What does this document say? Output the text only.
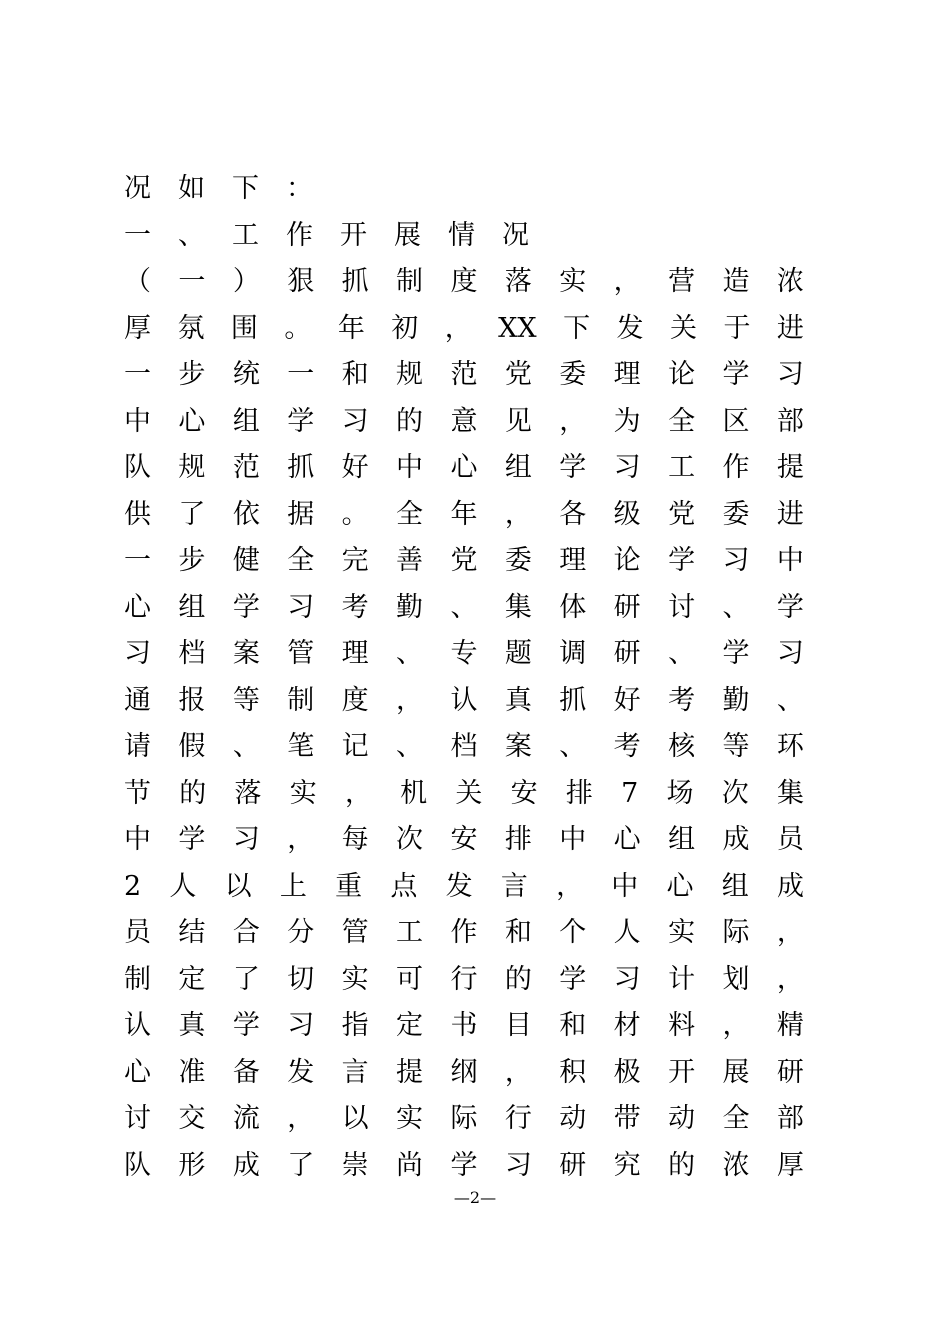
况 如 下 ：
一 、 工 作 开 展 情 况
（ 一 ） 狠 抓 制 度 落 实 ， 营 造 浓
厚 氛 围 。 年 初 ， XX 下 发 关 于 进
一 步 统 一 和 规 范 党 委 理 论 学 习
中 心 组 学 习 的 意 见 ， 为 全 区 部
队 规 范 抓 好 中 心 组 学 习 工 作 提
供 了 依 据 。 全 年 ， 各 级 党 委 进
一 步 健 全 完 善 党 委 理 论 学 习 中
心 组 学 习 考 勤 、 集 体 研 讨 、 学
习 档 案 管 理 、 专 题 调 研 、 学 习
通 报 等 制 度 ， 认 真 抓 好 考 勤 、
请 假 、 笔 记 、 档 案 、 考 核 等 环
节 的 落 实 ， 机 关 安 排 7 场 次 集
中 学 习 ， 每 次 安 排 中 心 组 成 员
2 人 以 上 重 点 发 言 ， 中 心 组 成
员 结 合 分 管 工 作 和 个 人 实 际 ，
制 定 了 切 实 可 行 的 学 习 计 划 ，
认 真 学 习 指 定 书 目 和 材 料 ， 精
心 准 备 发 言 提 纲 ， 积 极 开 展 研
讨 交 流 ， 以 实 际 行 动 带 动 全 部
队 形 成 了 崇 尚 学 习 研 究 的 浓 厚
—2—
